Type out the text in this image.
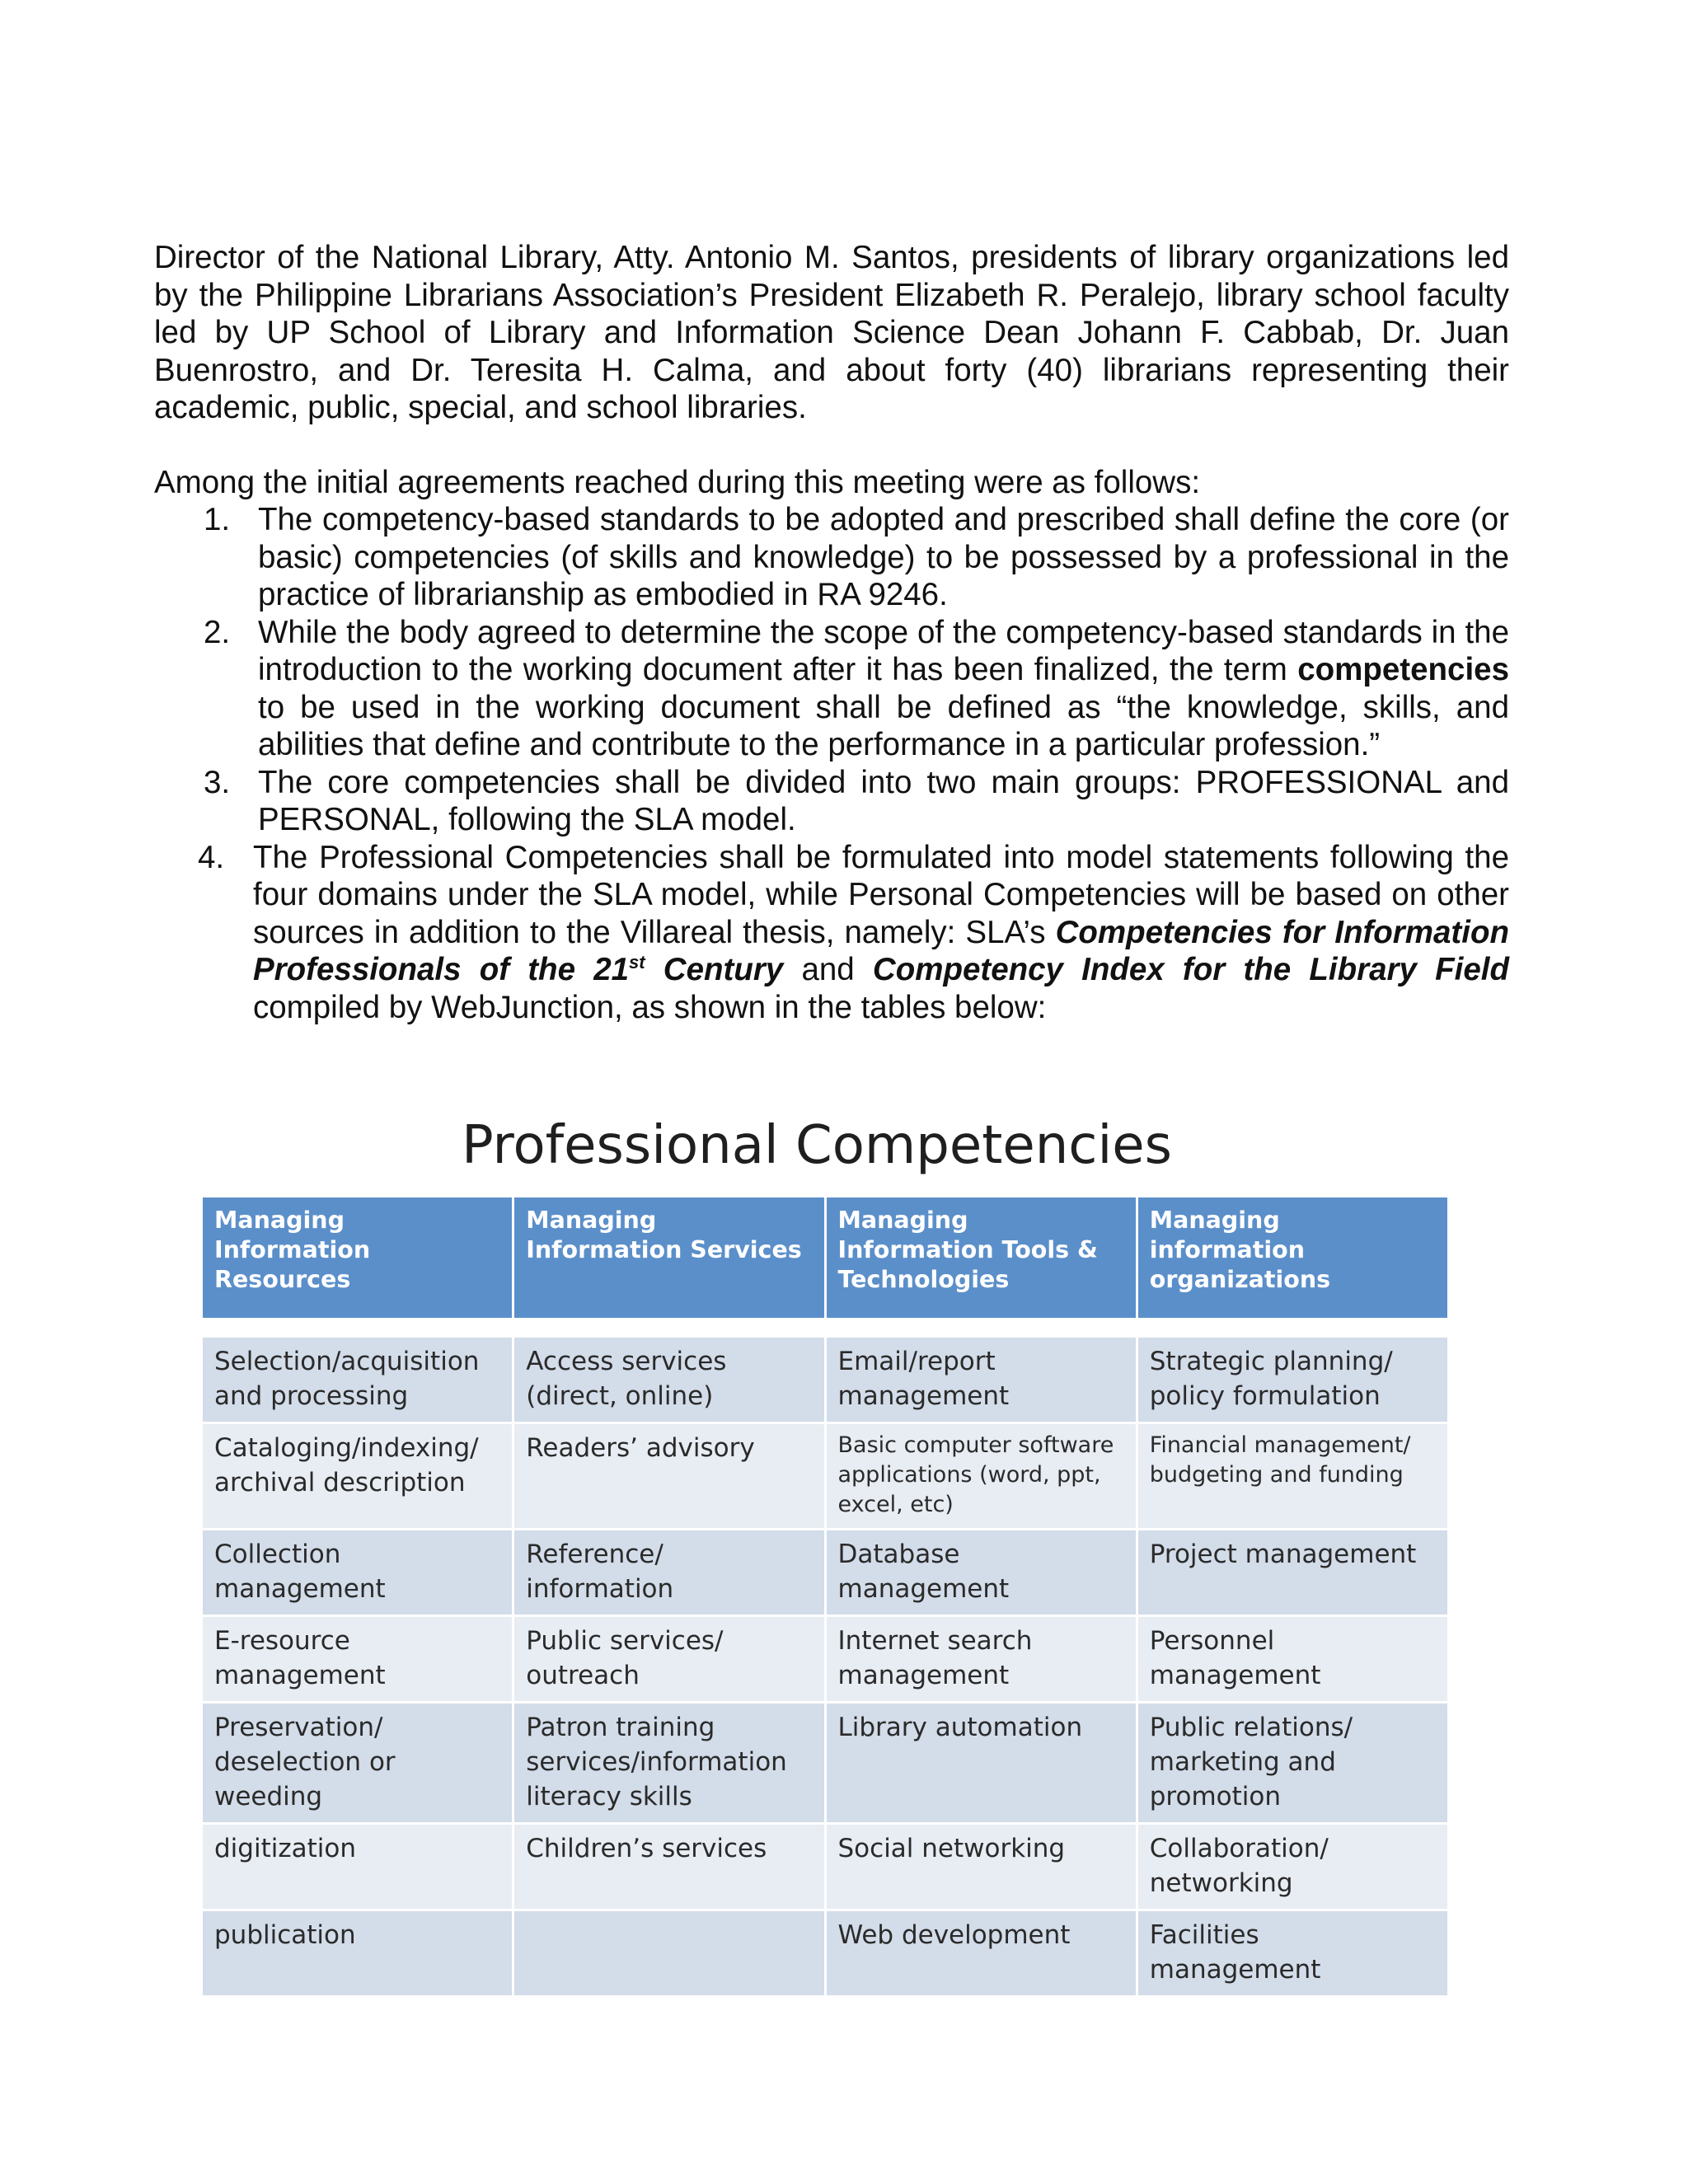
Director of the National Library, Atty. Antonio M. Santos, presidents of library organizations led by the Philippine Librarians Association’s President Elizabeth R. Peralejo, library school faculty led by UP School of Library and Information Science Dean Johann F. Cabbab, Dr. Juan Buenrostro, and Dr. Teresita H. Calma, and about forty (40) librarians representing their academic, public, special, and school libraries.

Among the initial agreements reached during this meeting were as follows:

1. The competency-based standards to be adopted and prescribed shall define the core (or basic) competencies (of skills and knowledge) to be possessed by a professional in the practice of librarianship as embodied in RA 9246.
2. While the body agreed to determine the scope of the competency-based standards in the introduction to the working document after it has been finalized, the term competencies to be used in the working document shall be defined as “the knowledge, skills, and abilities that define and contribute to the performance in a particular profession.”
3. The core competencies shall be divided into two main groups: PROFESSIONAL and PERSONAL, following the SLA model.
4. The Professional Competencies shall be formulated into model statements following the four domains under the SLA model, while Personal Competencies will be based on other sources in addition to the Villareal thesis, namely: SLA’s Competencies for Information Professionals of the 21st Century and Competency Index for the Library Field compiled by WebJunction, as shown in the tables below:
Professional Competencies
Managing Information Resources	Managing Information Services	Managing Information Tools & Technologies	Managing information organizations

Selection/acquisition and processing	Access services (direct, online)	Email/report management	Strategic planning/ policy formulation
Cataloging/indexing/ archival description	Readers’ advisory	Basic computer software applications (word, ppt, excel, etc)	Financial management/ budgeting and funding
Collection management	Reference/ information	Database management	Project management
E-resource management	Public services/ outreach	Internet search management	Personnel management
Preservation/ deselection or weeding	Patron training services/information literacy skills	Library automation	Public relations/ marketing and promotion
digitization	Children’s services	Social networking	Collaboration/ networking
publication		Web development	Facilities management
